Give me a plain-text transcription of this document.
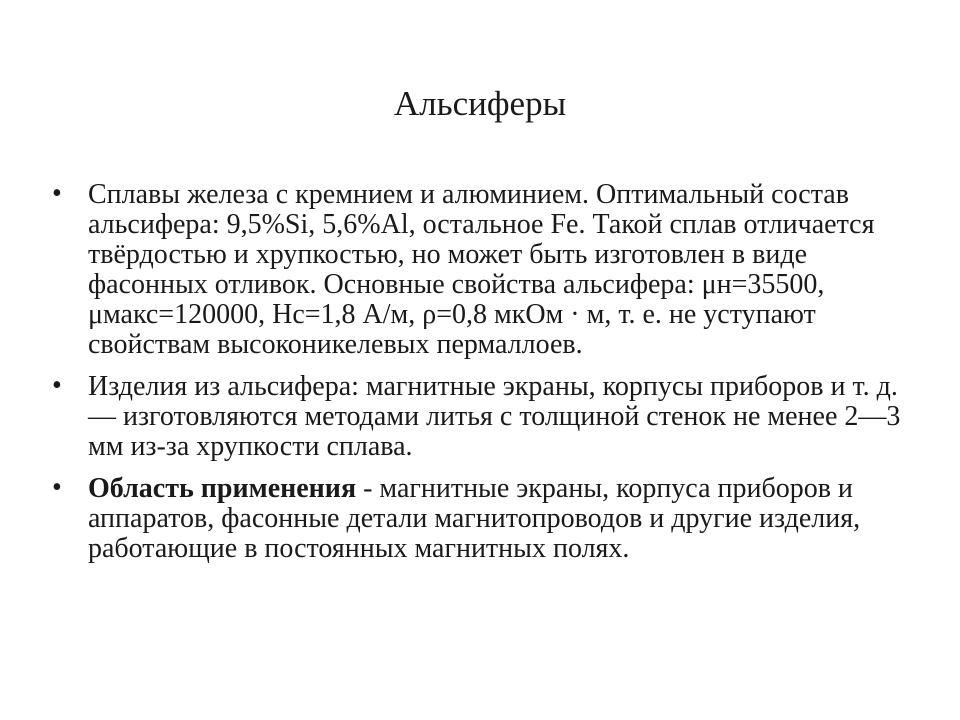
Альсиферы
• Сплавы железа с кремнием и алюминием. Оптимальный состав альсифера: 9,5%Si, 5,6%Al, остальное Fe. Такой сплав отличается твёрдостью и хрупкостью, но может быть изготовлен в виде фасонных отливок. Основные свойства альсифера: μн=35500, μмакс=120000, Hc=1,8 А/м, ρ=0,8 мкОм · м, т. е. не уступают свойствам высоконикелевых пермаллоев.
• Изделия из альсифера: магнитные экраны, корпусы приборов и т. д.— изготовляются методами литья с толщиной стенок не менее 2—3 мм из-за хрупкости сплава.
• Область применения - магнитные экраны, корпуса приборов и аппаратов, фасонные детали магнитопроводов и другие изделия, работающие в постоянных магнитных полях.
